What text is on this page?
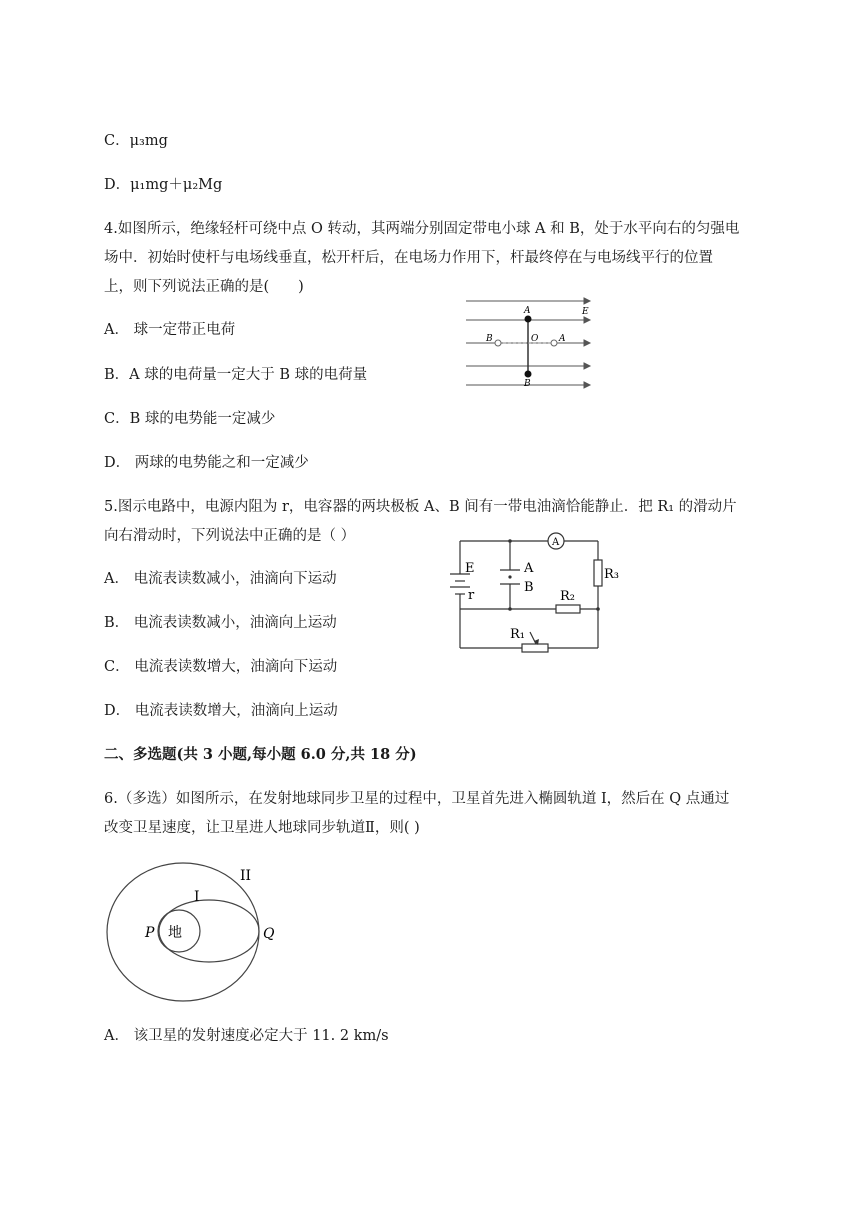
C．μ₃mg
D．μ₁mg＋μ₂Mg
4.如图所示，绝缘轻杆可绕中点 O 转动，其两端分别固定带电小球 A 和 B，处于水平向右的匀强电
场中．初始时使杆与电场线垂直，松开杆后，在电场力作用下，杆最终停在与电场线平行的位置
上，则下列说法正确的是(　　)
A． 球一定带正电荷
B．A 球的电荷量一定大于 B 球的电荷量
C．B 球的电势能一定减少
D． 两球的电势能之和一定减少
A
B
O
B	A
E
5.图示电路中，电源内阻为 r，电容器的两块极板 A、B 间有一带电油滴恰能静止．把 R₁ 的滑动片
向右滑动时，下列说法中正确的是（ ）
A． 电流表读数减小，油滴向下运动
B． 电流表读数减小，油滴向上运动
C． 电流表读数增大，油滴向下运动
D． 电流表读数增大，油滴向上运动
A
E
r
A
B
R₂
R₃
R₁
二、多选题(共 3 小题,每小题 6.0 分,共 18 分)
6.（多选）如图所示，在发射地球同步卫星的过程中，卫星首先进入椭圆轨道 I，然后在 Q 点通过
改变卫星速度，让卫星进人地球同步轨道Ⅱ，则( )
II
I
P 地	Q
A． 该卫星的发射速度必定大于 11. 2 km/s
